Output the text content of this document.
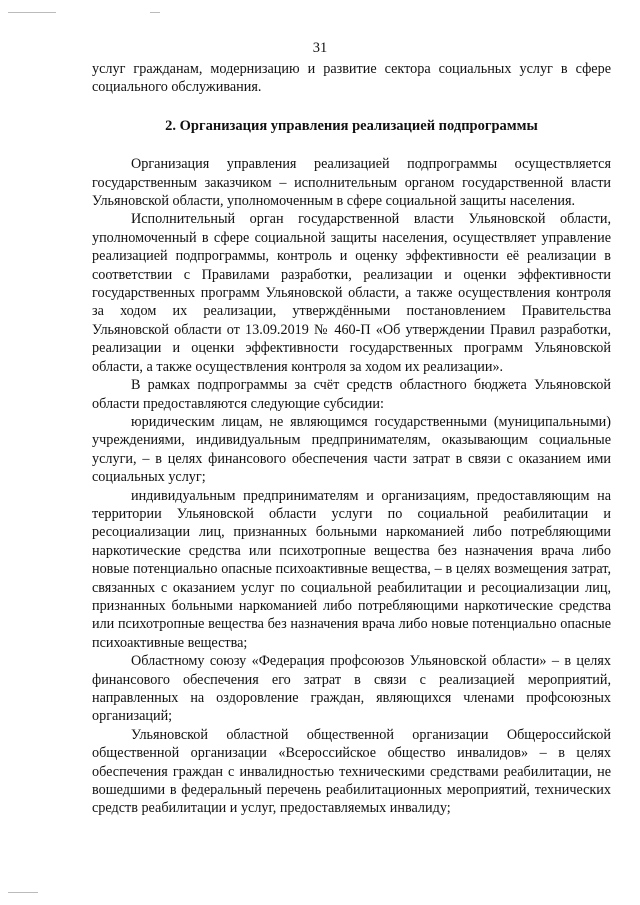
31

услуг гражданам, модернизацию и развитие сектора социальных услуг в сфере социального обслуживания.

2. Организация управления реализацией подпрограммы

Организация управления реализацией подпрограммы осуществляется государственным заказчиком – исполнительным органом государственной власти Ульяновской области, уполномоченным в сфере социальной защиты населения.

Исполнительный орган государственной власти Ульяновской области, уполномоченный в сфере социальной защиты населения, осуществляет управление реализацией подпрограммы, контроль и оценку эффективности её реализации в соответствии с Правилами разработки, реализации и оценки эффективности государственных программ Ульяновской области, а также осуществления контроля за ходом их реализации, утверждёнными постановлением Правительства Ульяновской области от 13.09.2019 № 460-П «Об утверждении Правил разработки, реализации и оценки эффективности государственных программ Ульяновской области, а также осуществления контроля за ходом их реализации».

В рамках подпрограммы за счёт средств областного бюджета Ульяновской области предоставляются следующие субсидии:

юридическим лицам, не являющимся государственными (муниципальными) учреждениями, индивидуальным предпринимателям, оказывающим социальные услуги, – в целях финансового обеспечения части затрат в связи с оказанием ими социальных услуг;

индивидуальным предпринимателям и организациям, предоставляющим на территории Ульяновской области услуги по социальной реабилитации и ресоциализации лиц, признанных больными наркоманией либо потребляющими наркотические средства или психотропные вещества без назначения врача либо новые потенциально опасные психоактивные вещества, – в целях возмещения затрат, связанных с оказанием услуг по социальной реабилитации и ресоциализации лиц, признанных больными наркоманией либо потребляющими наркотические средства или психотропные вещества без назначения врача либо новые потенциально опасные психоактивные вещества;

Областному союзу «Федерация профсоюзов Ульяновской области» – в целях финансового обеспечения его затрат в связи с реализацией мероприятий, направленных на оздоровление граждан, являющихся членами профсоюзных организаций;

Ульяновской областной общественной организации Общероссийской общественной организации «Всероссийское общество инвалидов» – в целях обеспечения граждан с инвалидностью техническими средствами реабилитации, не вошедшими в федеральный перечень реабилитационных мероприятий, технических средств реабилитации и услуг, предоставляемых инвалиду;
